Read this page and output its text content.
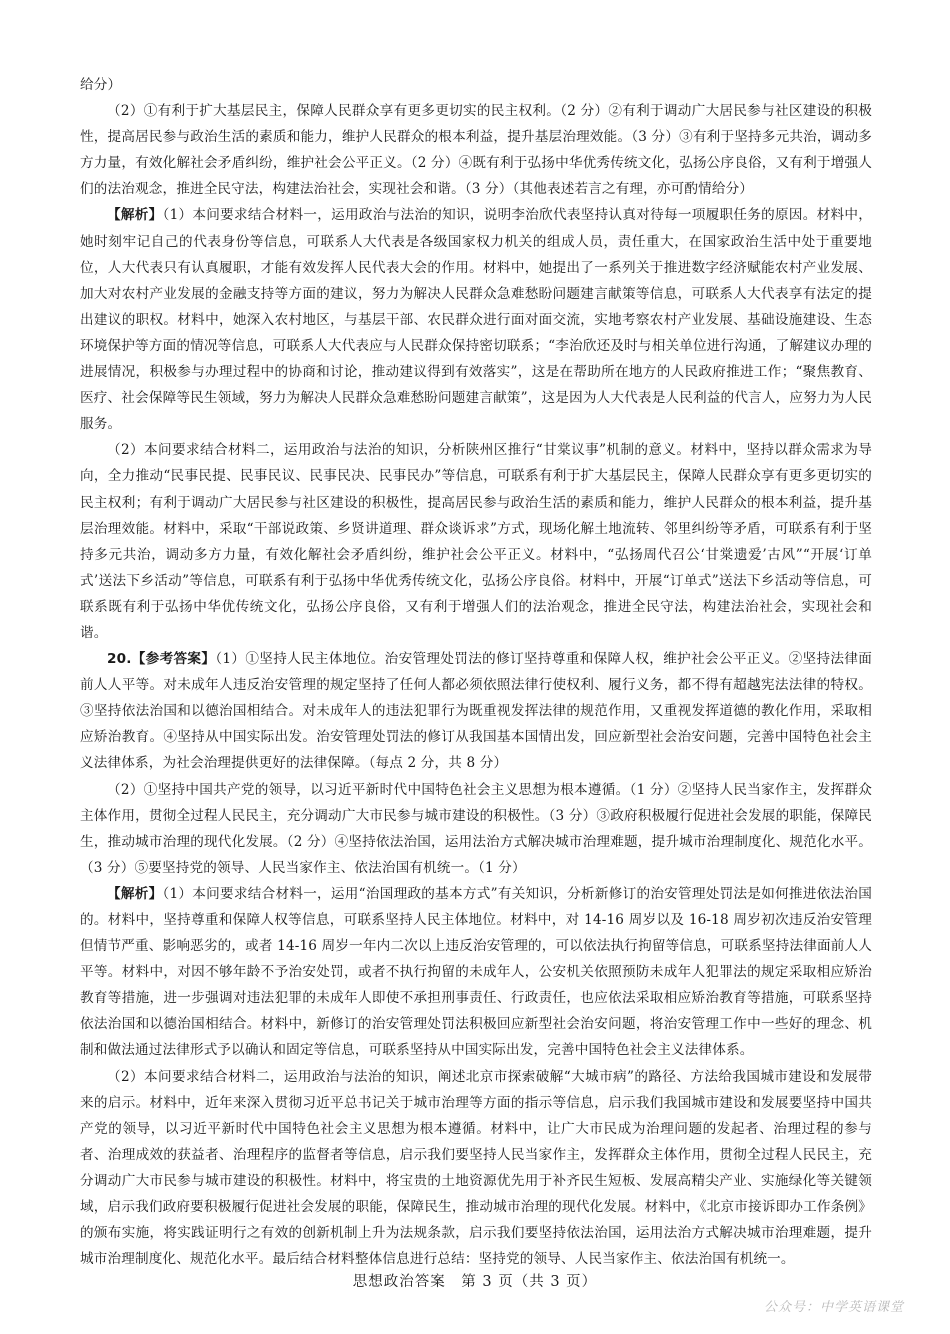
给分）

（2）①有利于扩大基层民主，保障人民群众享有更多更切实的民主权利。（2 分）②有利于调动广大居民参与社区建设的积极性，提高居民参与政治生活的素质和能力，维护人民群众的根本利益，提升基层治理效能。（3 分）③有利于坚持多元共治，调动多方力量，有效化解社会矛盾纠纷，维护社会公平正义。（2 分）④既有利于弘扬中华优秀传统文化，弘扬公序良俗，又有利于增强人们的法治观念，推进全民守法，构建法治社会，实现社会和谐。（3 分）（其他表述若言之有理，亦可酌情给分）

【解析】（1）本问要求结合材料一，运用政治与法治的知识，说明李治欣代表坚持认真对待每一项履职任务的原因。材料中，她时刻牢记自己的代表身份等信息，可联系人大代表是各级国家权力机关的组成人员，责任重大，在国家政治生活中处于重要地位，人大代表只有认真履职，才能有效发挥人民代表大会的作用。材料中，她提出了一系列关于推进数字经济赋能农村产业发展、加大对农村产业发展的金融支持等方面的建议，努力为解决人民群众急难愁盼问题建言献策等信息，可联系人大代表享有法定的提出建议的职权。材料中，她深入农村地区，与基层干部、农民群众进行面对面交流，实地考察农村产业发展、基础设施建设、生态环境保护等方面的情况等信息，可联系人大代表应与人民群众保持密切联系；“李治欣还及时与相关单位进行沟通，了解建议办理的进展情况，积极参与办理过程中的协商和讨论，推动建议得到有效落实”，这是在帮助所在地方的人民政府推进工作；“聚焦教育、医疗、社会保障等民生领域，努力为解决人民群众急难愁盼问题建言献策”，这是因为人大代表是人民利益的代言人，应努力为人民服务。

（2）本问要求结合材料二，运用政治与法治的知识，分析陕州区推行“甘棠议事”机制的意义。材料中，坚持以群众需求为导向，全力推动“民事民提、民事民议、民事民决、民事民办”等信息，可联系有利于扩大基层民主，保障人民群众享有更多更切实的民主权利；有利于调动广大居民参与社区建设的积极性，提高居民参与政治生活的素质和能力，维护人民群众的根本利益，提升基层治理效能。材料中，采取“干部说政策、乡贤讲道理、群众谈诉求”方式，现场化解土地流转、邻里纠纷等矛盾，可联系有利于坚持多元共治，调动多方力量，有效化解社会矛盾纠纷，维护社会公平正义。材料中，“弘扬周代召公‘甘棠遗爱’古风”“开展‘订单式’送法下乡活动”等信息，可联系有利于弘扬中华优秀传统文化，弘扬公序良俗。材料中，开展“订单式”送法下乡活动等信息，可联系既有利于弘扬中华优传统文化，弘扬公序良俗，又有利于增强人们的法治观念，推进全民守法，构建法治社会，实现社会和谐。

20.【参考答案】（1）①坚持人民主体地位。治安管理处罚法的修订坚持尊重和保障人权，维护社会公平正义。②坚持法律面前人人平等。对未成年人违反治安管理的规定坚持了任何人都必须依照法律行使权利、履行义务，都不得有超越宪法法律的特权。③坚持依法治国和以德治国相结合。对未成年人的违法犯罪行为既重视发挥法律的规范作用，又重视发挥道德的教化作用，采取相应矫治教育。④坚持从中国实际出发。治安管理处罚法的修订从我国基本国情出发，回应新型社会治安问题，完善中国特色社会主义法律体系，为社会治理提供更好的法律保障。（每点 2 分，共 8 分）

（2）①坚持中国共产党的领导，以习近平新时代中国特色社会主义思想为根本遵循。（1 分）②坚持人民当家作主，发挥群众主体作用，贯彻全过程人民民主，充分调动广大市民参与城市建设的积极性。（3 分）③政府积极履行促进社会发展的职能，保障民生，推动城市治理的现代化发展。（2 分）④坚持依法治国，运用法治方式解决城市治理难题，提升城市治理制度化、规范化水平。（3 分）⑤要坚持党的领导、人民当家作主、依法治国有机统一。（1 分）

【解析】（1）本问要求结合材料一，运用“治国理政的基本方式”有关知识，分析新修订的治安管理处罚法是如何推进依法治国的。材料中，坚持尊重和保障人权等信息，可联系坚持人民主体地位。材料中，对 14-16 周岁以及 16-18 周岁初次违反治安管理但情节严重、影响恶劣的，或者 14-16 周岁一年内二次以上违反治安管理的，可以依法执行拘留等信息，可联系坚持法律面前人人平等。材料中，对因不够年龄不予治安处罚，或者不执行拘留的未成年人，公安机关依照预防未成年人犯罪法的规定采取相应矫治教育等措施，进一步强调对违法犯罪的未成年人即使不承担刑事责任、行政责任，也应依法采取相应矫治教育等措施，可联系坚持依法治国和以德治国相结合。材料中，新修订的治安管理处罚法积极回应新型社会治安问题，将治安管理工作中一些好的理念、机制和做法通过法律形式予以确认和固定等信息，可联系坚持从中国实际出发，完善中国特色社会主义法律体系。

（2）本问要求结合材料二，运用政治与法治的知识，阐述北京市探索破解“大城市病”的路径、方法给我国城市建设和发展带来的启示。材料中，近年来深入贯彻习近平总书记关于城市治理等方面的指示等信息，启示我们我国城市建设和发展要坚持中国共产党的领导，以习近平新时代中国特色社会主义思想为根本遵循。材料中，让广大市民成为治理问题的发起者、治理过程的参与者、治理成效的获益者、治理程序的监督者等信息，启示我们要坚持人民当家作主，发挥群众主体作用，贯彻全过程人民民主，充分调动广大市民参与城市建设的积极性。材料中，将宝贵的土地资源优先用于补齐民生短板、发展高精尖产业、实施绿化等关键领域，启示我们政府要积极履行促进社会发展的职能，保障民生，推动城市治理的现代化发展。材料中，《北京市接诉即办工作条例》的颁布实施，将实践证明行之有效的创新机制上升为法规条款，启示我们要坚持依法治国，运用法治方式解决城市治理难题，提升城市治理制度化、规范化水平。最后结合材料整体信息进行总结：坚持党的领导、人民当家作主、依法治国有机统一。

思想政治答案　第 3 页（共 3 页）
公众号：中学英语课堂
